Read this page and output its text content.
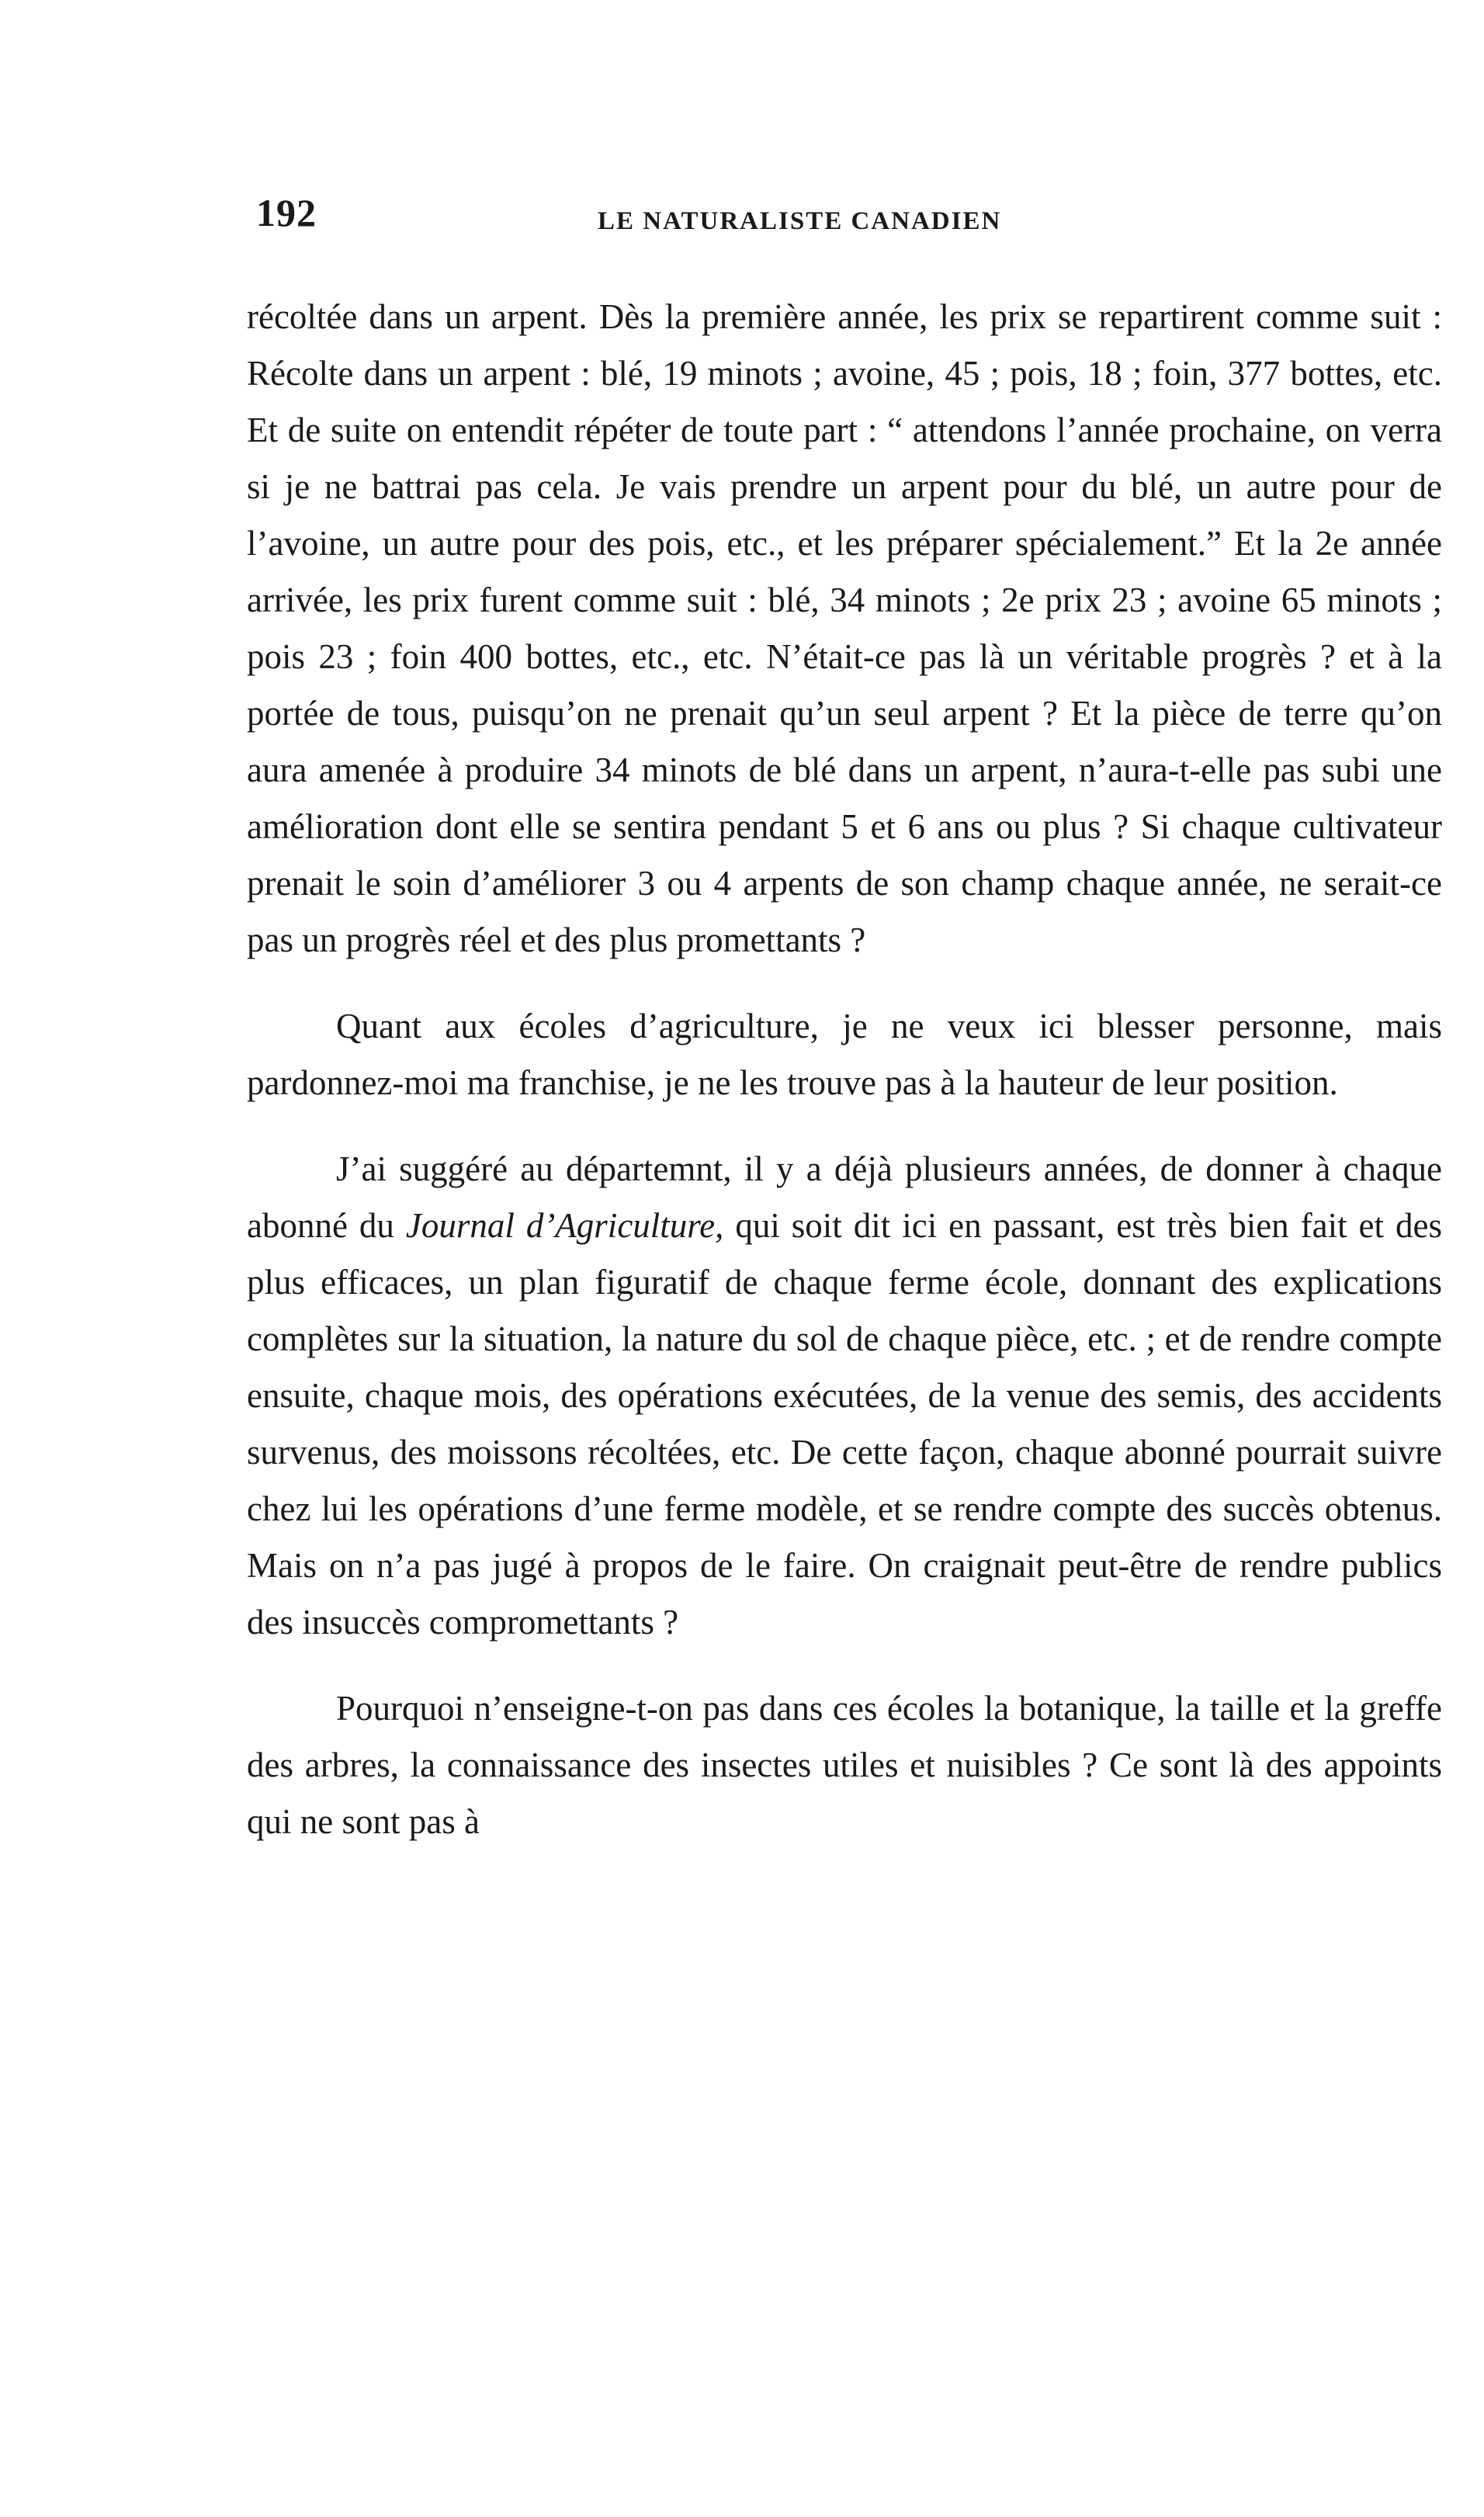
192	LE NATURALISTE CANADIEN

récoltée dans un arpent. Dès la première année, les prix se repartirent comme suit : Récolte dans un arpent : blé, 19 minots ; avoine, 45 ; pois, 18 ; foin, 377 bottes, etc. Et de suite on entendit répéter de toute part : “ attendons l’année prochaine, on verra si je ne battrai pas cela. Je vais prendre un arpent pour du blé, un autre pour de l’avoine, un autre pour des pois, etc., et les préparer spécialement.” Et la 2e année arrivée, les prix furent comme suit : blé, 34 minots ; 2e prix 23 ; avoine 65 minots ; pois 23 ; foin 400 bottes, etc., etc. N’était-ce pas là un véritable progrès ? et à la portée de tous, puisqu’on ne prenait qu’un seul arpent ? Et la pièce de terre qu’on aura amenée à produire 34 minots de blé dans un arpent, n’aura-t-elle pas subi une amélioration dont elle se sentira pendant 5 et 6 ans ou plus ? Si chaque cultivateur prenait le soin d’améliorer 3 ou 4 arpents de son champ chaque année, ne serait-ce pas un progrès réel et des plus promettants ?

Quant aux écoles d’agriculture, je ne veux ici blesser personne, mais pardonnez-moi ma franchise, je ne les trouve pas à la hauteur de leur position.

J’ai suggéré au départemnt, il y a déjà plusieurs années, de donner à chaque abonné du Journal d’Agriculture, qui soit dit ici en passant, est très bien fait et des plus efficaces, un plan figuratif de chaque ferme école, donnant des explications complètes sur la situation, la nature du sol de chaque pièce, etc. ; et de rendre compte ensuite, chaque mois, des opérations exécutées, de la venue des semis, des accidents survenus, des moissons récoltées, etc. De cette façon, chaque abonné pourrait suivre chez lui les opérations d’une ferme modèle, et se rendre compte des succès obtenus. Mais on n’a pas jugé à propos de le faire. On craignait peut-être de rendre publics des insuccès compromettants ?

Pourquoi n’enseigne-t-on pas dans ces écoles la botanique, la taille et la greffe des arbres, la connaissance des insectes utiles et nuisibles ? Ce sont là des appoints qui ne sont pas à
